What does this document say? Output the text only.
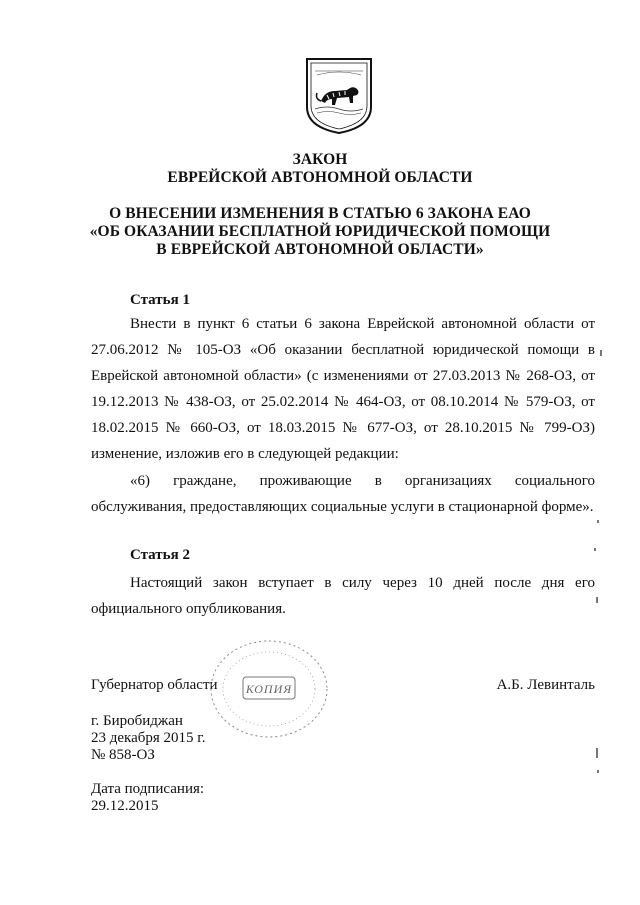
ЗАКОН
ЕВРЕЙСКОЙ АВТОНОМНОЙ ОБЛАСТИ
О ВНЕСЕНИИ ИЗМЕНЕНИЯ В СТАТЬЮ 6 ЗАКОНА ЕАО
«ОБ ОКАЗАНИИ БЕСПЛАТНОЙ ЮРИДИЧЕСКОЙ ПОМОЩИ
В ЕВРЕЙСКОЙ АВТОНОМНОЙ ОБЛАСТИ»
Статья 1

Внести в пункт 6 статьи 6 закона Еврейской автономной области от 27.06.2012 № 105-ОЗ «Об оказании бесплатной юридической помощи в Еврейской автономной области» (с изменениями от 27.03.2013 № 268-ОЗ, от 19.12.2013 № 438-ОЗ, от 25.02.2014 № 464-ОЗ, от 08.10.2014 № 579-ОЗ, от 18.02.2015 № 660-ОЗ, от 18.03.2015 № 677-ОЗ, от 28.10.2015 № 799-ОЗ) изменение, изложив его в следующей редакции:

«6) граждане, проживающие в организациях социального обслуживания, предоставляющих социальные услуги в стационарной форме».

Статья 2

Настоящий закон вступает в силу через 10 дней после дня его официального опубликования.

Губернатор области	А.Б. Левинталь
КОПИЯ
г. Биробиджан
23 декабря 2015 г.
№ 858-ОЗ
Дата подписания:
29.12.2015
